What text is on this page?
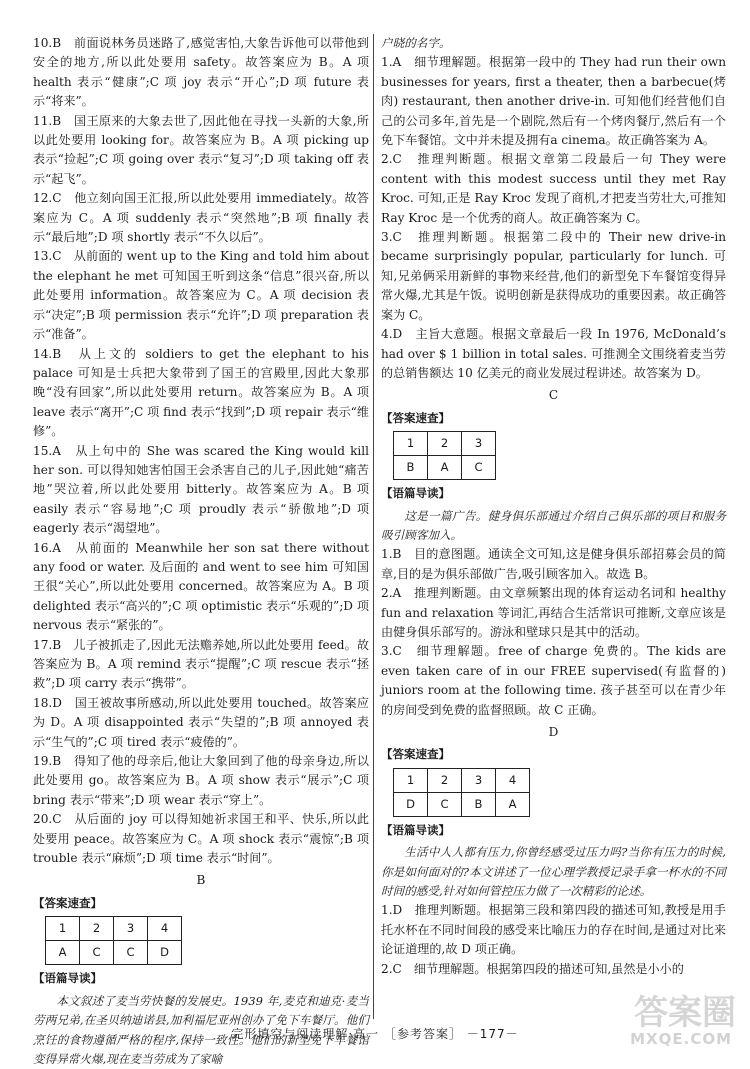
10.B　前面说林务员迷路了,感觉害怕,大象告诉他可以带他到安全的地方,所以此处要用 safety。故答案应为 B。A 项 health 表示“健康”;C 项 joy 表示“开心”;D 项 future 表示“将来”。

11.B　国王原来的大象去世了,因此他在寻找一头新的大象,所以此处要用 looking for。故答案应为 B。A 项 picking up 表示“捡起”;C 项 going over 表示“复习”;D 项 taking off 表示“起飞”。

12.C　他立刻向国王汇报,所以此处要用 immediately。故答案应为 C。A 项 suddenly 表示“突然地”;B 项 finally 表示“最后地”;D 项 shortly 表示“不久以后”。

13.C　从前面的 went up to the King and told him about the elephant he met 可知国王听到这条“信息”很兴奋,所以此处要用 information。故答案应为 C。A 项 decision 表示“决定”;B 项 permission 表示“允许”;D 项 preparation 表示“准备”。

14.B　从上文的 soldiers to get the elephant to his palace 可知是士兵把大象带到了国王的宫殿里,因此大象那晚“没有回家”,所以此处要用 return。故答案应为 B。A 项 leave 表示“离开”;C 项 find 表示“找到”;D 项 repair 表示“维修”。

15.A　从上句中的 She was scared the King would kill her son. 可以得知她害怕国王会杀害自己的儿子,因此她“痛苦地”哭泣着,所以此处要用 bitterly。故答案应为 A。B 项 easily 表示“容易地”;C 项 proudly 表示“骄傲地”;D 项 eagerly 表示“渴望地”。

16.A　从前面的 Meanwhile her son sat there without any food or water. 及后面的 and went to see him 可知国王很“关心”,所以此处要用 concerned。故答案应为 A。B 项 delighted 表示“高兴的”;C 项 optimistic 表示“乐观的”;D 项 nervous 表示“紧张的”。

17.B　儿子被抓走了,因此无法赡养她,所以此处要用 feed。故答案应为 B。A 项 remind 表示“提醒”;C 项 rescue 表示“拯救”;D 项 carry 表示“携带”。

18.D　国王被故事所感动,所以此处要用 touched。故答案应为 D。A 项 disappointed 表示“失望的”;B 项 annoyed 表示“生气的”;C 项 tired 表示“疲倦的”。

19.B　得知了他的母亲后,他让大象回到了他的母亲身边,所以此处要用 go。故答案应为 B。A 项 show 表示“展示”;C 项 bring 表示“带来”;D 项 wear 表示“穿上”。

20.C　从后面的 joy 可以得知她祈求国王和平、快乐,所以此处要用 peace。故答案应为 C。A 项 shock 表示“震惊”;B 项 trouble 表示“麻烦”;D 项 time 表示“时间”。

B
【答案速查】
1	2	3	4
A	C	C	D
【语篇导读】

本文叙述了麦当劳快餐的发展史。1939 年,麦克和迪克·麦当劳两兄弟,在圣贝纳迪诺县,加利福尼亚州创办了免下车餐厅。他们烹饪的食物遵循严格的程序,保持一致性。他们的新型免下车餐馆变得异常火爆,现在麦当劳成为了家喻

户晓的名字。

1.A　细节理解题。根据第一段中的 They had run their own businesses for years, first a theater, then a barbecue(烤肉) restaurant, then another drive-in. 可知他们经营他们自己的公司多年,首先是一个剧院,然后有一个烤肉餐厅,然后有一个免下车餐馆。文中并未提及拥有a cinema。故正确答案为 A。

2.C　推理判断题。根据文章第二段最后一句 They were content with this modest success until they met Ray Kroc. 可知,正是 Ray Kroc 发现了商机,才把麦当劳壮大,可推知 Ray Kroc 是一个优秀的商人。故正确答案为 C。

3.C　推理判断题。根据第二段中的 Their new drive-in became surprisingly popular, particularly for lunch. 可知,兄弟俩采用新鲜的事物来经营,他们的新型免下车餐馆变得异常火爆,尤其是午饭。说明创新是获得成功的重要因素。故正确答案为 C。

4.D　主旨大意题。根据文章最后一段 In 1976, McDonald’s had over $ 1 billion in total sales. 可推测全文围绕着麦当劳的总销售额达 10 亿美元的商业发展过程讲述。故答案为 D。

C
【答案速查】
1	2	3
B	A	C
【语篇导读】

这是一篇广告。健身俱乐部通过介绍自己俱乐部的项目和服务吸引顾客加入。

1.B　目的意图题。通读全文可知,这是健身俱乐部招募会员的简章,目的是为俱乐部做广告,吸引顾客加入。故选 B。

2.A　推理判断题。由文章频繁出现的体育运动名词和 healthy fun and relaxation 等词汇,再结合生活常识可推断,文章应该是由健身俱乐部写的。游泳和壁球只是其中的活动。

3.C　细节理解题。free of charge 免费的。The kids are even taken care of in our FREE supervised(有监督的) juniors room at the following time. 孩子甚至可以在青少年的房间受到免费的监督照顾。故 C 正确。

D
【答案速查】
1	2	3	4
D	C	B	A
【语篇导读】

生活中人人都有压力,你曾经感受过压力吗?当你有压力的时候,你是如何面对的?本文讲述了一位心理学教授记录手拿一杯水的不同时间的感受,针对如何管控压力做了一次精彩的论述。

1.D　推理判断题。根据第三段和第四段的描述可知,教授是用手托水杯在不同时间段的感受来比喻压力的存在时间,是通过对比来论证道理的,故 D 项正确。

2.C　细节理解题。根据第四段的描述可知,虽然是小小的

完形填空与阅读理解·高一 ［参考答案］ －177－
答案圈
MXQE.COM
